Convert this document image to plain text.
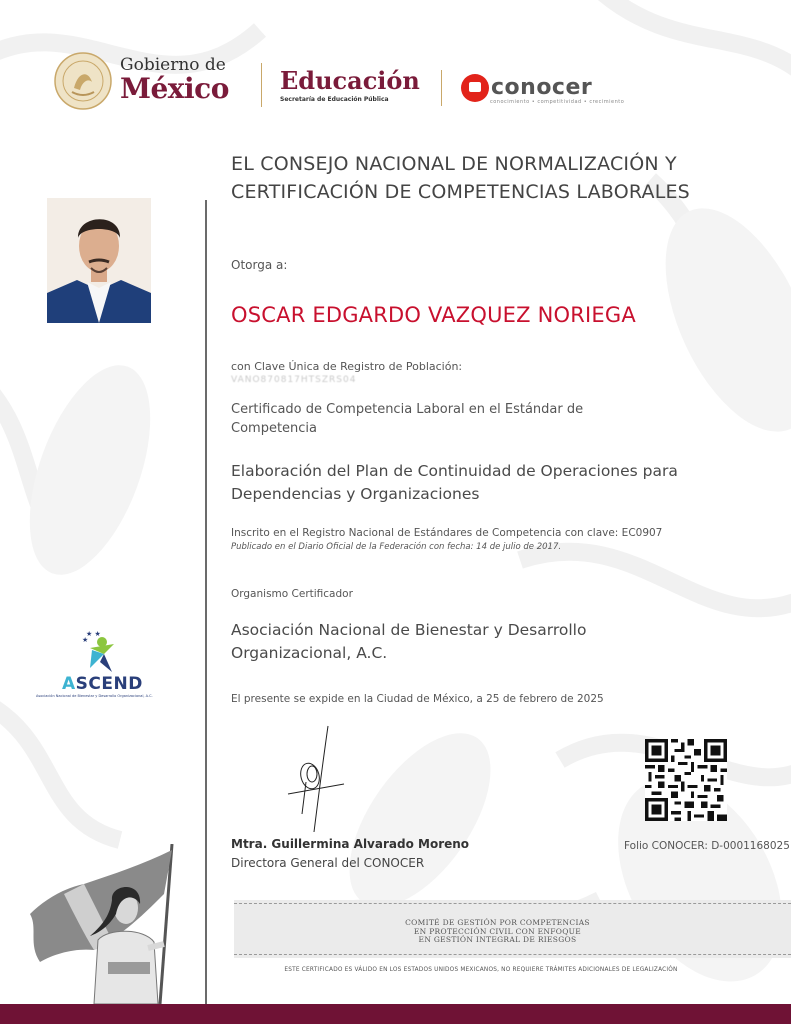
Gobierno de
México Educación
Secretaría de Educación Pública	conocer
conocimiento • competitividad • crecimiento
EL CONSEJO NACIONAL DE NORMALIZACIÓN Y CERTIFICACIÓN DE COMPETENCIAS LABORALES
Otorga a:
OSCAR EDGARDO VAZQUEZ NORIEGA
con Clave Única de Registro de Población:
VANO870817HTSZRS04
Certificado de Competencia Laboral en el Estándar de Competencia
Elaboración del Plan de Continuidad de Operaciones para Dependencias y Organizaciones
Inscrito en el Registro Nacional de Estándares de Competencia con clave: EC0907
Publicado en el Diario Oficial de la Federación con fecha: 14 de julio de 2017.
Organismo Certificador
Asociación Nacional de Bienestar y Desarrollo Organizacional, A.C.
El presente se expide en la Ciudad de México, a 25 de febrero de 2025
★ ★
★
ASCEND
Asociación Nacional de Bienestar y Desarrollo Organizacional, A.C.
Mtra. Guillermina Alvarado Moreno
Directora General del CONOCER
Folio CONOCER: D-0001168025
COMITÉ DE GESTIÓN POR COMPETENCIAS
EN PROTECCIÓN CIVIL CON ENFOQUE
EN GESTIÓN INTEGRAL DE RIESGOS
ESTE CERTIFICADO ES VÁLIDO EN LOS ESTADOS UNIDOS MEXICANOS, NO REQUIERE TRÁMITES ADICIONALES DE LEGALIZACIÓN
